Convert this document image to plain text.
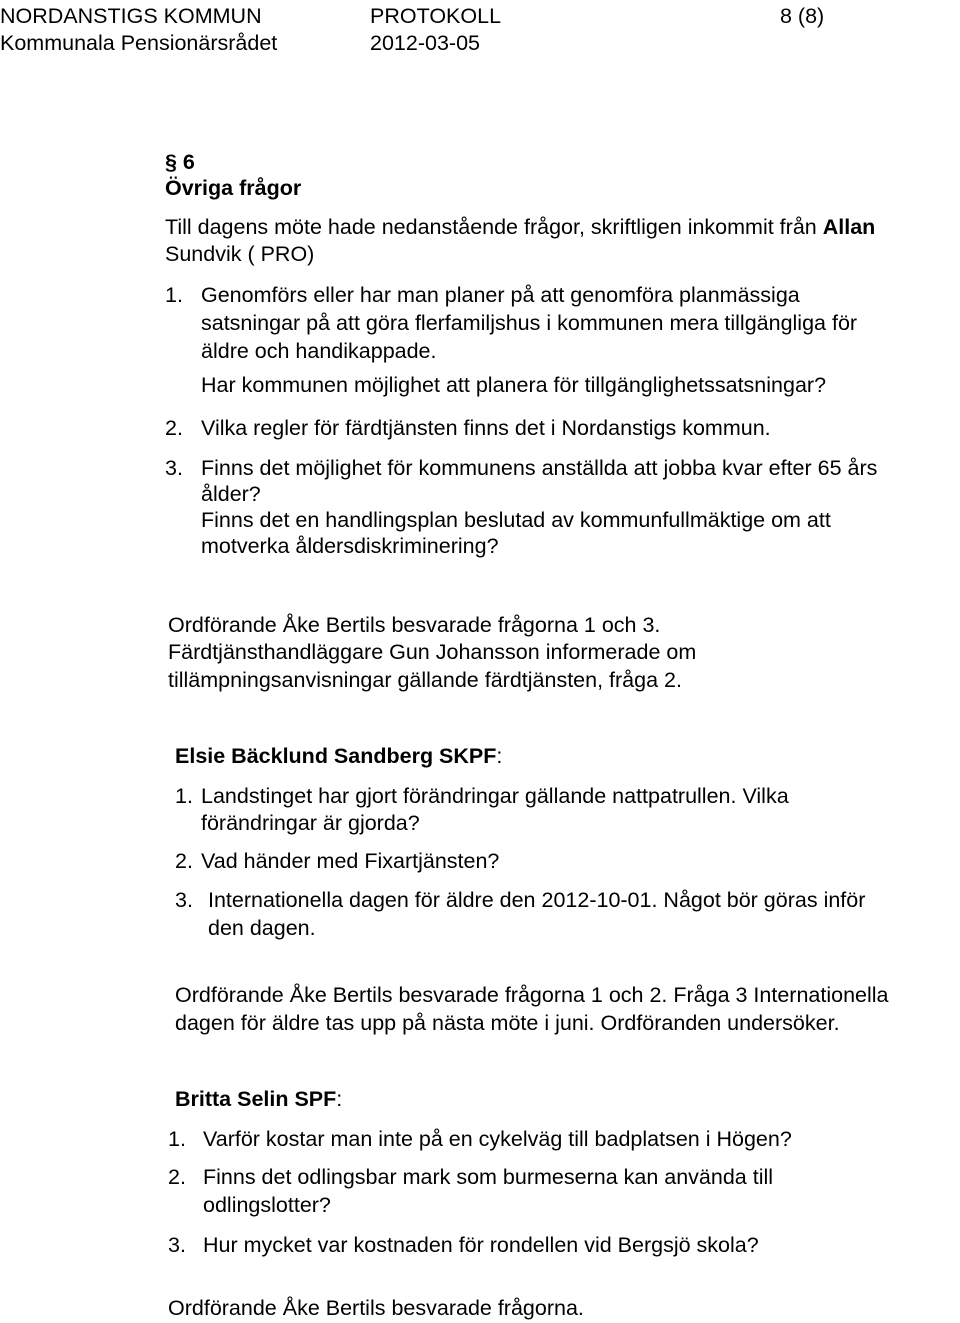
NORDANSTIGS KOMMUN	PROTOKOLL	8 (8)
Kommunala Pensionärsrådet	2012-03-05
§ 6
Övriga frågor
Till dagens möte hade nedanstående frågor, skriftligen inkommit från Allan
Sundvik ( PRO)
1. Genomförs eller har man planer på att genomföra planmässiga
satsningar på att göra flerfamiljshus i kommunen mera tillgängliga för
äldre och handikappade.
Har kommunen möjlighet att planera för tillgänglighetssatsningar?
2. Vilka regler för färdtjänsten finns det i Nordanstigs kommun.
3. Finns det möjlighet för kommunens anställda att jobba kvar efter 65 års
ålder?
Finns det en handlingsplan beslutad av kommunfullmäktige om att
motverka åldersdiskriminering?
Ordförande Åke Bertils besvarade frågorna 1 och 3.
Färdtjänsthandläggare Gun Johansson informerade om
tillämpningsanvisningar gällande färdtjänsten, fråga 2.
Elsie Bäcklund Sandberg SKPF:
1. Landstinget har gjort förändringar gällande nattpatrullen. Vilka
förändringar är gjorda?
2. Vad händer med Fixartjänsten?
3. Internationella dagen för äldre den 2012-10-01. Något bör göras inför
den dagen.
Ordförande Åke Bertils besvarade frågorna 1 och 2. Fråga 3 Internationella
dagen för äldre tas upp på nästa möte i juni. Ordföranden undersöker.
Britta Selin SPF:
1. Varför kostar man inte på en cykelväg till badplatsen i Högen?
2. Finns det odlingsbar mark som burmeserna kan använda till
odlingslotter?
3. Hur mycket var kostnaden för rondellen vid Bergsjö skola?
Ordförande Åke Bertils besvarade frågorna.
